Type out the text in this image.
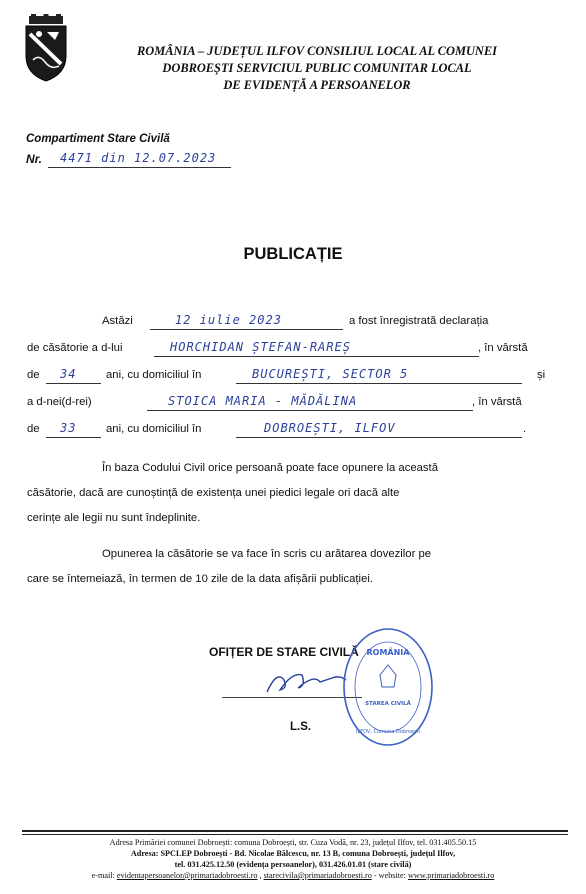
ROMÂNIA – JUDEȚUL ILFOV CONSILIUL LOCAL AL COMUNEI
DOBROEȘTI SERVICIUL PUBLIC COMUNITAR LOCAL
DE EVIDENȚĂ A PERSOANELOR
Compartiment Stare Civilă
Nr. 4471 din 12.07.2023
PUBLICAȚIE
Astăzi	12 iulie 2023	a fost înregistrată declarația
de căsătorie a d-lui	HORCHIDAN ȘTEFAN-RAREȘ	, în vârstă
de 34	ani, cu domiciliul în	BUCUREȘTI, SECTOR 5	și
a d-nei(d-rei)	STOICA MARIA - MĂDĂLINA	, în vârstă
de 33	ani, cu domiciliul în	DOBROEȘTI, ILFOV	.
În baza Codului Civil orice persoană poate face opunere la această
căsătorie, dacă are cunoștință de existența unei piedici legale ori dacă alte
cerințe ale legii nu sunt îndeplinite.
Opunerea la căsătorie se va face în scris cu arătarea dovezilor pe
care se întemeiază, în termen de 10 zile de la data afișării publicației.
OFIȚER DE STARE CIVILĂ
L.S.
ROMÂNIA
STAREA CIVILĂ
ILFOV, Comuna Dobroești
Adresa Primăriei comunei Dobroești: comuna Dobroești, str. Cuza Vodă, nr. 23, județul Ilfov, tel. 031.405.50.15
Adresa: SPCLEP Dobroești - Bd. Nicolae Bălcescu, nr. 13 B, comuna Dobroești, județul Ilfov,
tel. 031.425.12.50 (evidența persoanelor), 031.426.01.01 (stare civilă)
e-mail: evidentapersoanelor@primariadobroesti.ro , starecivila@primariadobroesti.ro - website: www.primariadobroesti.ro
